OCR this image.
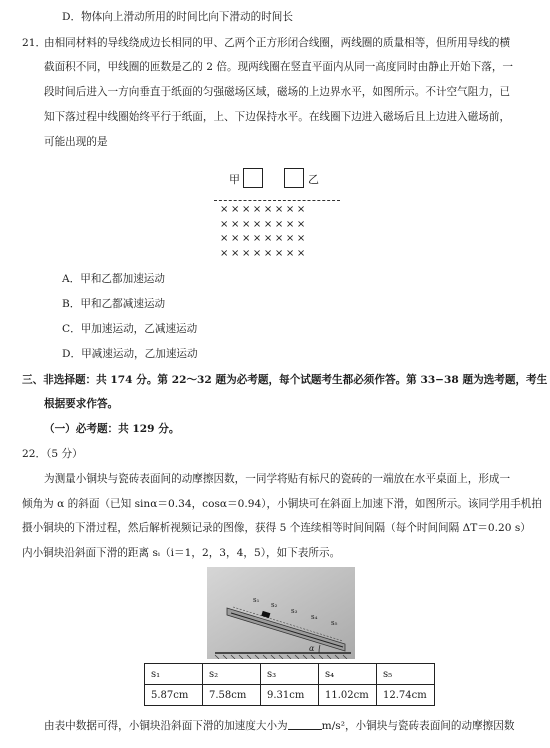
D．物体向上滑动所用的时间比向下滑动的时间长
21．
由相同材料的导线绕成边长相同的甲、乙两个正方形闭合线圈，两线圈的质量相等，但所用导线的横
截面积不同，甲线圈的匝数是乙的 2 倍。现两线圈在竖直平面内从同一高度同时由静止开始下落，一
段时间后进入一方向垂直于纸面的匀强磁场区域，磁场的上边界水平，如图所示。不计空气阻力，已
知下落过程中线圈始终平行于纸面，上、下边保持水平。在线圈下边进入磁场后且上边进入磁场前，
可能出现的是
甲	乙
××××××××
××××××××
××××××××
××××××××
A．甲和乙都加速运动
B．甲和乙都减速运动
C．甲加速运动，乙减速运动
D．甲减速运动，乙加速运动
三、非选择题：共 174 分。第 22～32 题为必考题，每个试题考生都必须作答。第 33−38 题为选考题，考生
根据要求作答。
（一）必考题：共 129 分。
22．（5 分）
为测量小铜块与瓷砖表面间的动摩擦因数，一同学将贴有标尺的瓷砖的一端放在水平桌面上，形成一
倾角为 α 的斜面（已知 sinα＝0.34，cosα＝0.94），小铜块可在斜面上加速下滑，如图所示。该同学用手机拍
摄小铜块的下滑过程，然后解析视频记录的图像，获得 5 个连续相等时间间隔（每个时间间隔 ΔT＝0.20 s）
内小铜块沿斜面下滑的距离 sᵢ（i＝1，2，3，4，5），如下表所示。
s₁
s₂
s₃
s₄
s₅
α
s₁	s₂	s₃	s₄	s₅
5.87cm	7.58cm	9.31cm	11.02cm	12.74cm
由表中数据可得，小铜块沿斜面下滑的加速度大小为	m/s²，小铜块与瓷砖表面间的动摩擦因数
